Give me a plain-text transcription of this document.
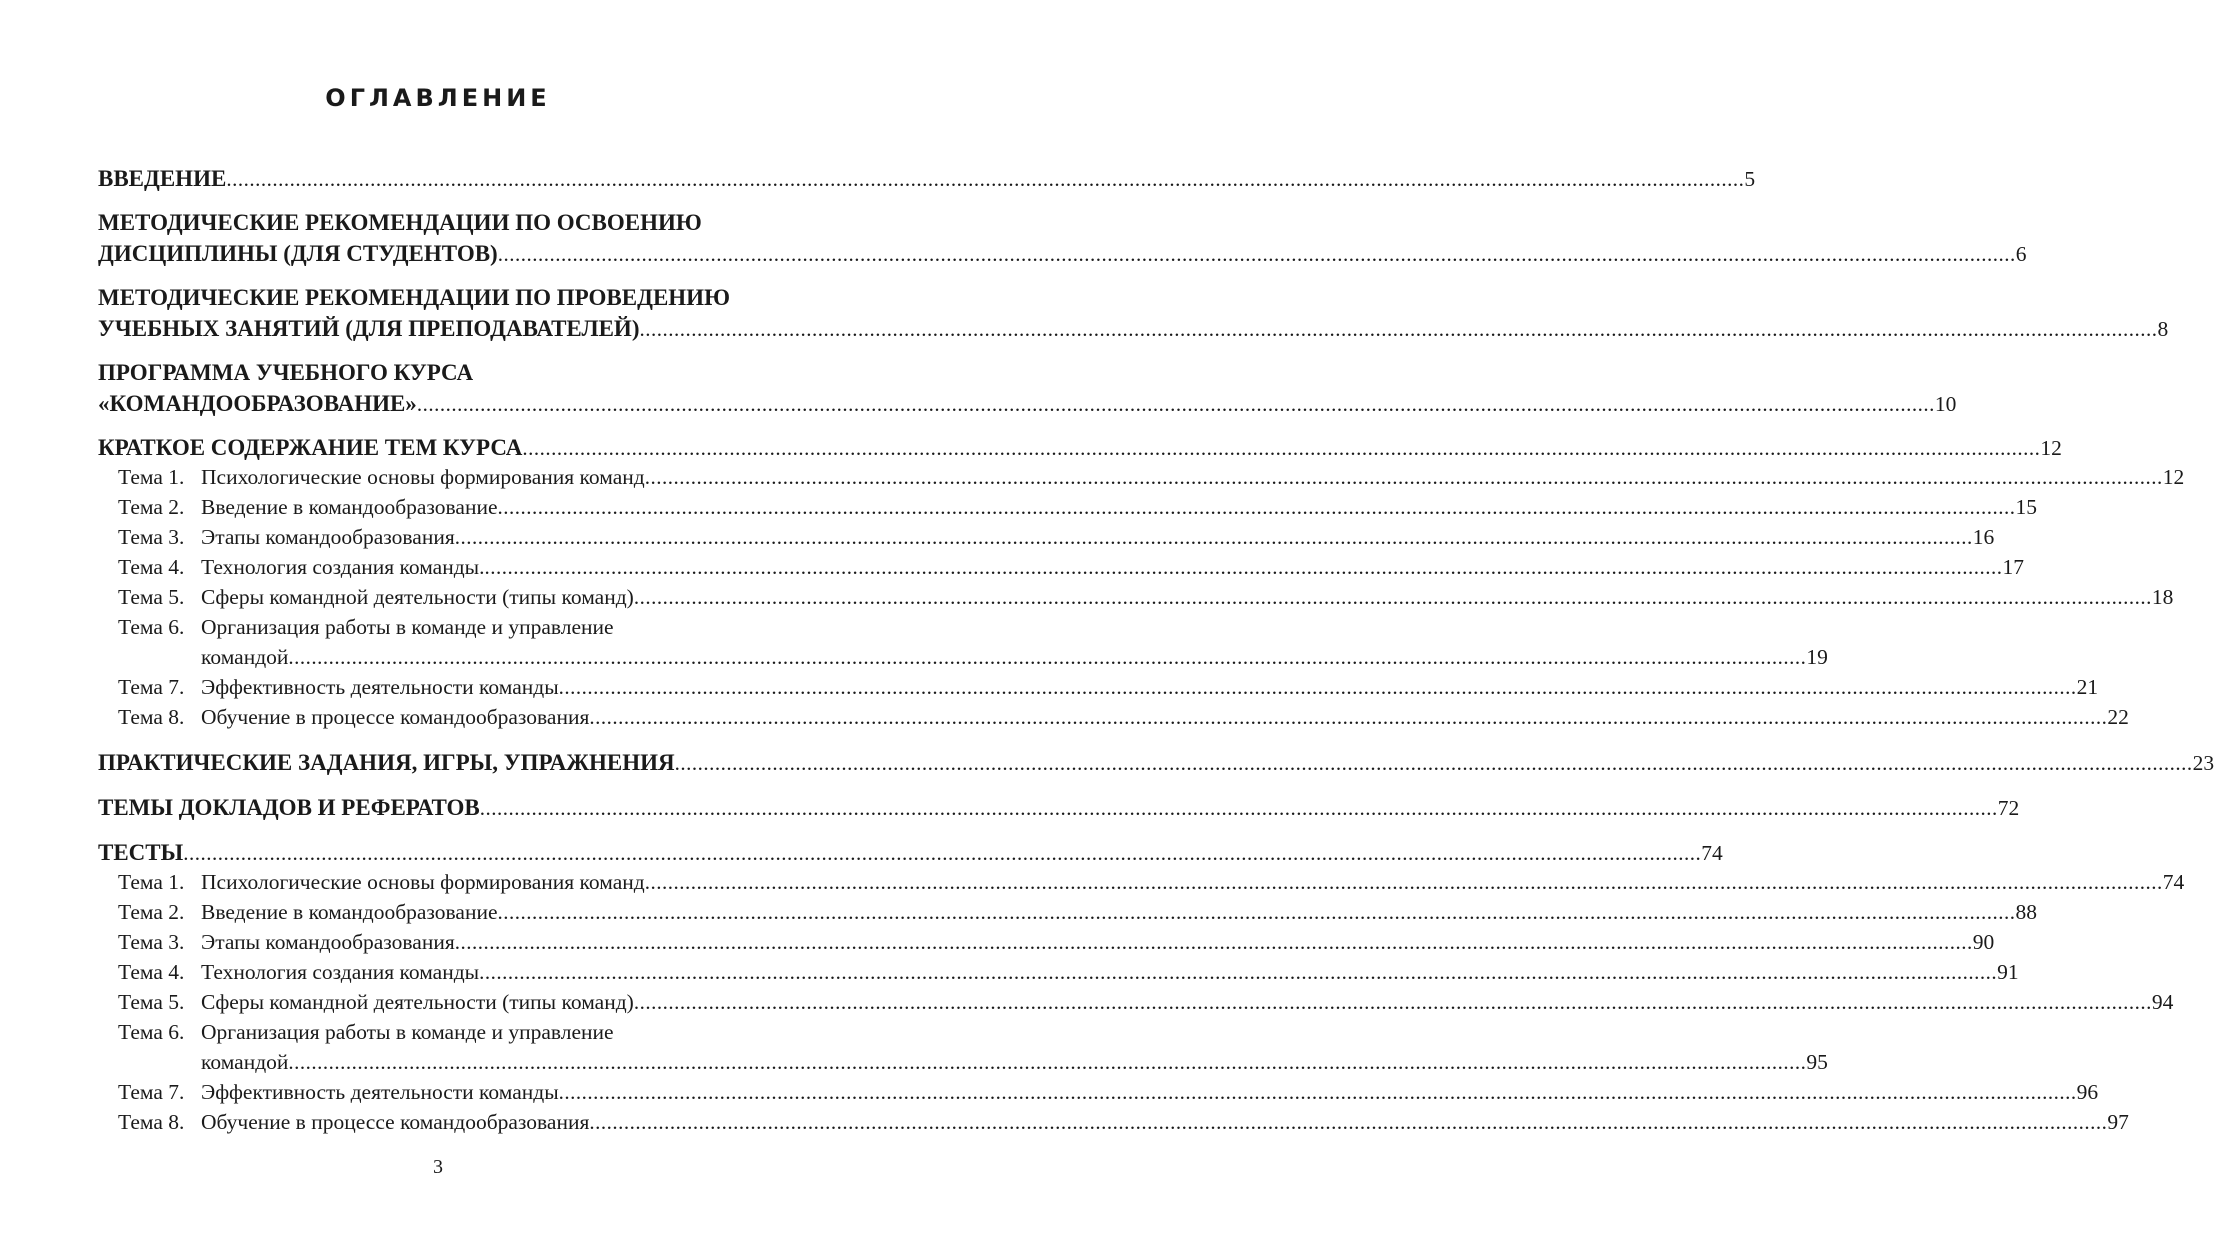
ОГЛАВЛЕНИЕ
ВВЕДЕНИЕ .....	5
МЕТОДИЧЕСКИЕ РЕКОМЕНДАЦИИ ПО ОСВОЕНИЮ
ДИСЦИПЛИНЫ (ДЛЯ СТУДЕНТОВ) .....	6
МЕТОДИЧЕСКИЕ РЕКОМЕНДАЦИИ ПО ПРОВЕДЕНИЮ
УЧЕБНЫХ ЗАНЯТИЙ (ДЛЯ ПРЕПОДАВАТЕЛЕЙ) .....	8
ПРОГРАММА УЧЕБНОГО КУРСА
«КОМАНДООБРАЗОВАНИЕ» .....	10
КРАТКОЕ СОДЕРЖАНИЕ ТЕМ КУРСА .....	12
Тема 1. Психологические основы формирования команд .....	12
Тема 2. Введение в командообразование .....	15
Тема 3. Этапы командообразования .....	16
Тема 4. Технология создания команды. .....	17
Тема 5. Сферы командной деятельности (типы команд) .....	18
Тема 6. Организация работы в команде и управление
командой .....	19
Тема 7. Эффективность деятельности команды .....	21
Тема 8. Обучение в процессе командообразования .....	22
ПРАКТИЧЕСКИЕ ЗАДАНИЯ, ИГРЫ, УПРАЖНЕНИЯ .....	23
ТЕМЫ ДОКЛАДОВ И РЕФЕРАТОВ .....	72
ТЕСТЫ .....	74
Тема 1. Психологические основы формирования команд .....	74
Тема 2. Введение в командообразование .....	88
Тема 3. Этапы командообразования .....	90
Тема 4. Технология создания команды .....	91
Тема 5. Сферы командной деятельности (типы команд) .....	94
Тема 6. Организация работы в команде и управление
командой .....	95
Тема 7. Эффективность деятельности команды .....	96
Тема 8. Обучение в процессе командообразования .....	97
3
